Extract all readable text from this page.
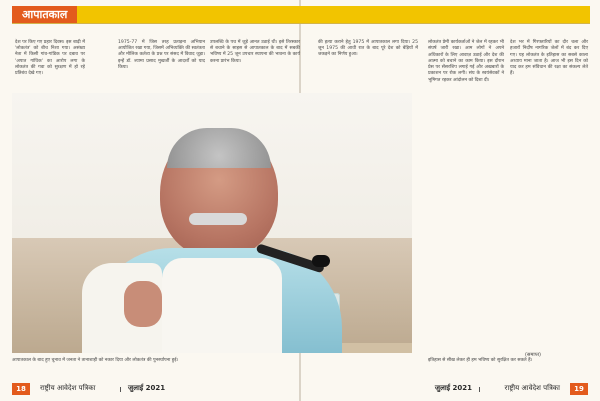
आपातकाल
देश पर किए गए प्रहार दिवस। इस बाढ़ी में 'लोकतंत्र' को बीच निशा गया। असंख्य नेता में किसी गांव-गांडिक पर दबाव पर 'अपात गांधिक' का आरोप लगा के लोकतंत्र की गवा को सुरक्षण में हो रहे प्रतिबंध देखे गए।
1975-77 में जिस तरह प्रताड़ना अभियान आयोजित रखा गया, जिसमें अभिव्यक्ति की स्वतंत्रता और मौलिक कर्तव्य के प्रश्न पर संसद में विवाद जुड़ा। इन्हें डॉ. श्यामा प्रसाद मुखर्जी के आदर्शों को याद किया।
उपलब्धि के पथ में जुड़े आनत उठाई थी। इसे तिरस्कार से बचाने के साहस से आपातकाल के बाद में सबकी भविष्य में 25 जून उपचार स्थापना की भावना के कार्य करना प्रारंभ किया।
की हत्या कराने हेतु 1975 में आपातकाल लगा दिया। 25 जून 1975 की आधी रात के बाद पूरे देश को बेड़ियों में जकड़ने का निर्णय हुआ।
लोकतंत्र प्रेमी कार्यकर्ताओं ने जेल में रहकर भी संघर्ष जारी रखा। आम लोगों ने अपने अधिकारों के लिए आवाज़ उठाई और देश की आत्मा को बचाने का काम किया। इस दौरान प्रेस पर सेंसरशिप लगाई गई और अखबारों के प्रकाशन पर रोक लगी। संघ के स्वयंसेवकों ने भूमिगत रहकर आंदोलन को दिशा दी।
देश भर में गिरफ्तारियों का दौर चला और हजारों निर्दोष नागरिक जेलों में बंद कर दिए गए। यह लोकतंत्र के इतिहास का सबसे काला अध्याय माना जाता है। आज भी इस दिन को याद कर हम संविधान की रक्षा का संकल्प लेते हैं।
आपातकाल के बाद हुए चुनाव में जनता ने तानाशाही को नकार दिया और लोकतंत्र की पुनर्स्थापना हुई।	इतिहास से सीख लेकर ही हम भविष्य को सुरक्षित कर सकते हैं।
(समाप्त)
18	राष्ट्रीय आवेदेश पत्रिका	जुलाई 2021	जुलाई 2021	राष्ट्रीय आवेदेश पत्रिका	19
